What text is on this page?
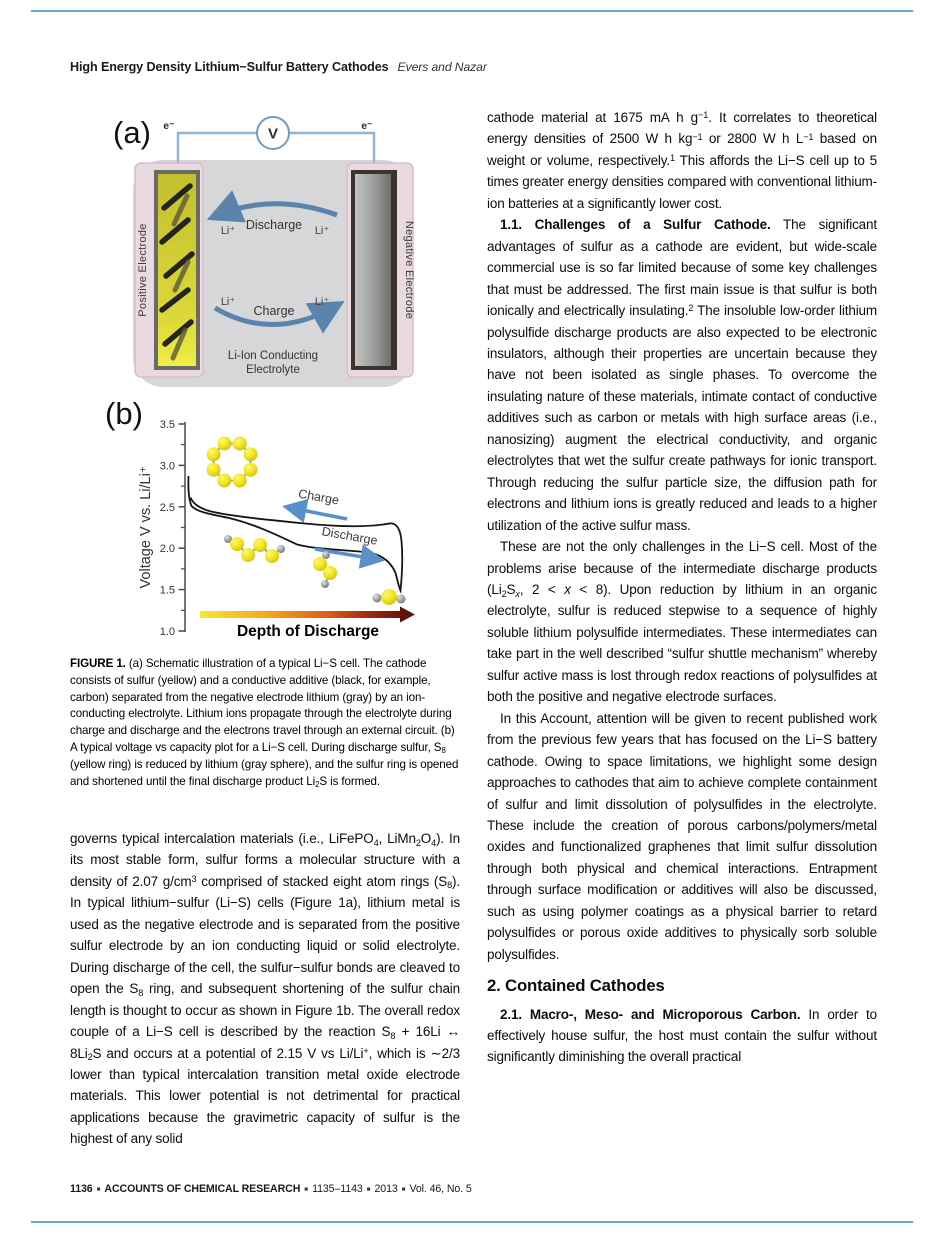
High Energy Density Lithium−Sulfur Battery Cathodes Evers and Nazar
V
e⁻	e⁻
Positive Electrode	Negative Electrode
Discharge
Li⁺	Li⁺
Charge
Li⁺	Li⁺
Li-Ion Conducting
Electrolyte
(a)
(b) 3.5
3.0
2.5
2.0
1.5
1.0
Voltage V vs. Li/Li⁺	Charge
Discharge
Depth of Discharge
FIGURE 1. (a) Schematic illustration of a typical Li−S cell. The cathode consists of sulfur (yellow) and a conductive additive (black, for example, carbon) separated from the negative electrode lithium (gray) by an ion-conducting electrolyte. Lithium ions propagate through the electrolyte during charge and discharge and the electrons travel through an external circuit. (b) A typical voltage vs capacity plot for a Li−S cell. During discharge sulfur, $S_8$ (yellow ring) is reduced by lithium (gray sphere), and the sulfur ring is opened and shortened until the final discharge product $Li_2S$ is formed.

governs typical intercalation materials (i.e., LiFePO$_4$, $LiMn_2O_4$). In its most stable form, sulfur forms a molecular structure with a density of 2.07 $g/cm^3$ comprised of stacked eight atom rings $(S_8)$. In typical lithium−sulfur (Li−S) cells (Figure 1a), lithium metal is used as the negative electrode and is separated from the positive sulfur electrode by an ion conducting liquid or solid electrolyte. During discharge of the cell, the sulfur−sulfur bonds are cleaved to open the $S_8$ ring, and subsequent shortening of the sulfur chain length is thought to occur as shown in Figure 1b. The overall redox couple of a Li−S cell is described by the reaction $S_8 + 16Li$ ↔ $8Li_2S$ and occurs at a potential of 2.15 V vs Li/Li+, which is ∼2/3 lower than typical intercalation transition metal oxide electrode materials. This lower potential is not detrimental for practical applications because the gravimetric capacity of sulfur is the highest of any solid

cathode material at 1675 mA h $g^{-1}$. It correlates to theoretical energy densities of 2500 W h $kg^{-1}$ or 2800 W h $L^{-1}$ based on weight or volume, respectively.$^1$ This affords the Li−S cell up to 5 times greater energy densities compared with conventional lithium-ion batteries at a significantly lower cost.

1.1. Challenges of a Sulfur Cathode. The significant advantages of sulfur as a cathode are evident, but wide-scale commercial use is so far limited because of some key challenges that must be addressed. The first main issue is that sulfur is both ionically and electrically insulating.$^2$ The insoluble low-order lithium polysulfide discharge products are also expected to be electronic insulators, although their properties are uncertain because they have not been isolated as single phases. To overcome the insulating nature of these materials, intimate contact of conductive additives such as carbon or metals with high surface areas (i.e., nanosizing) augment the electrical conductivity, and organic electrolytes that wet the sulfur create pathways for ionic transport. Through reducing the sulfur particle size, the diffusion path for electrons and lithium ions is greatly reduced and leads to a higher utilization of the active sulfur mass.

These are not the only challenges in the Li−S cell. Most of the problems arise because of the intermediate discharge products ($Li_2S_x$, 2 < x < 8). Upon reduction by lithium in an organic electrolyte, sulfur is reduced stepwise to a sequence of highly soluble lithium polysulfide intermediates. These intermediates can take part in the well described “sulfur shuttle mechanism” whereby sulfur active mass is lost through redox reactions of polysulfides at both the positive and negative electrode surfaces.

In this Account, attention will be given to recent published work from the previous few years that has focused on the Li−S battery cathode. Owing to space limitations, we highlight some design approaches to cathodes that aim to achieve complete containment of sulfur and limit dissolution of polysulfides in the electrolyte. These include the creation of porous carbons/polymers/metal oxides and functionalized graphenes that limit sulfur dissolution through both physical and chemical interactions. Entrapment through surface modification or additives will also be discussed, such as using polymer coatings as a physical barrier to retard polysulfides or porous oxide additives to physically sorb soluble polysulfides.

2. Contained Cathodes

2.1. Macro-, Meso- and Microporous Carbon. In order to effectively house sulfur, the host must contain the sulfur without significantly diminishing the overall practical

1136 ■ ACCOUNTS OF CHEMICAL RESEARCH ■ 1135–1143 ■ 2013 ■ Vol. 46, No. 5
